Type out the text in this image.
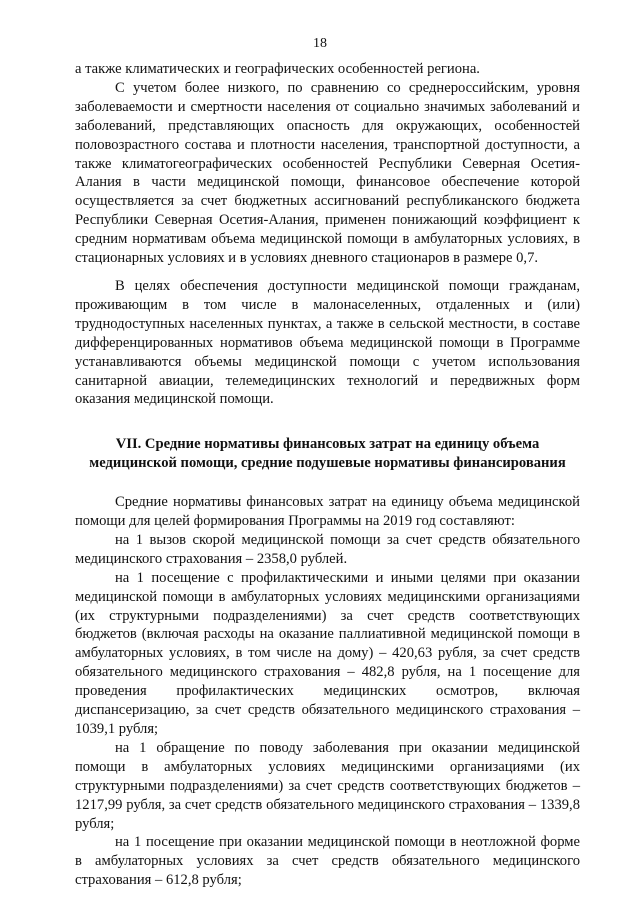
18

а также климатических и географических особенностей региона.

С учетом более низкого, по сравнению со среднероссийским, уровня заболеваемости и смертности населения от социально значимых заболеваний и заболеваний, представляющих опасность для окружающих, особенностей половозрастного состава и плотности населения, транспортной доступности, а также климатогеографических особенностей Республики Северная Осетия-Алания в части медицинской помощи, финансовое обеспечение которой осуществляется за счет бюджетных ассигнований республиканского бюджета Республики Северная Осетия-Алания, применен понижающий коэффициент к средним нормативам объема медицинской помощи в амбулаторных условиях, в стационарных условиях и в условиях дневного стационаров в размере 0,7.

В целях обеспечения доступности медицинской помощи гражданам, проживающим в том числе в малонаселенных, отдаленных и (или) труднодоступных населенных пунктах, а также в сельской местности, в составе дифференцированных нормативов объема медицинской помощи в Программе устанавливаются объемы медицинской помощи с учетом использования санитарной авиации, телемедицинских технологий и передвижных форм оказания медицинской помощи.

VII. Средние нормативы финансовых затрат на единицу объема
медицинской помощи, средние подушевые нормативы финансирования

Средние нормативы финансовых затрат на единицу объема медицинской помощи для целей формирования Программы на 2019 год составляют:

на 1 вызов скорой медицинской помощи за счет средств обязательного медицинского страхования – 2358,0 рублей.

на 1 посещение с профилактическими и иными целями при оказании медицинской помощи в амбулаторных условиях медицинскими организациями (их структурными подразделениями) за счет средств соответствующих бюджетов (включая расходы на оказание паллиативной медицинской помощи в амбулаторных условиях, в том числе на дому) – 420,63 рубля, за счет средств обязательного медицинского страхования – 482,8 рубля, на 1 посещение для проведения профилактических медицинских осмотров, включая диспансеризацию, за счет средств обязательного медицинского страхования – 1039,1 рубля;

на 1 обращение по поводу заболевания при оказании медицинской помощи в амбулаторных условиях медицинскими организациями (их структурными подразделениями) за счет средств соответствующих бюджетов – 1217,99 рубля, за счет средств обязательного медицинского страхования – 1339,8 рубля;

на 1 посещение при оказании медицинской помощи в неотложной форме в амбулаторных условиях за счет средств обязательного медицинского страхования – 612,8 рубля;
